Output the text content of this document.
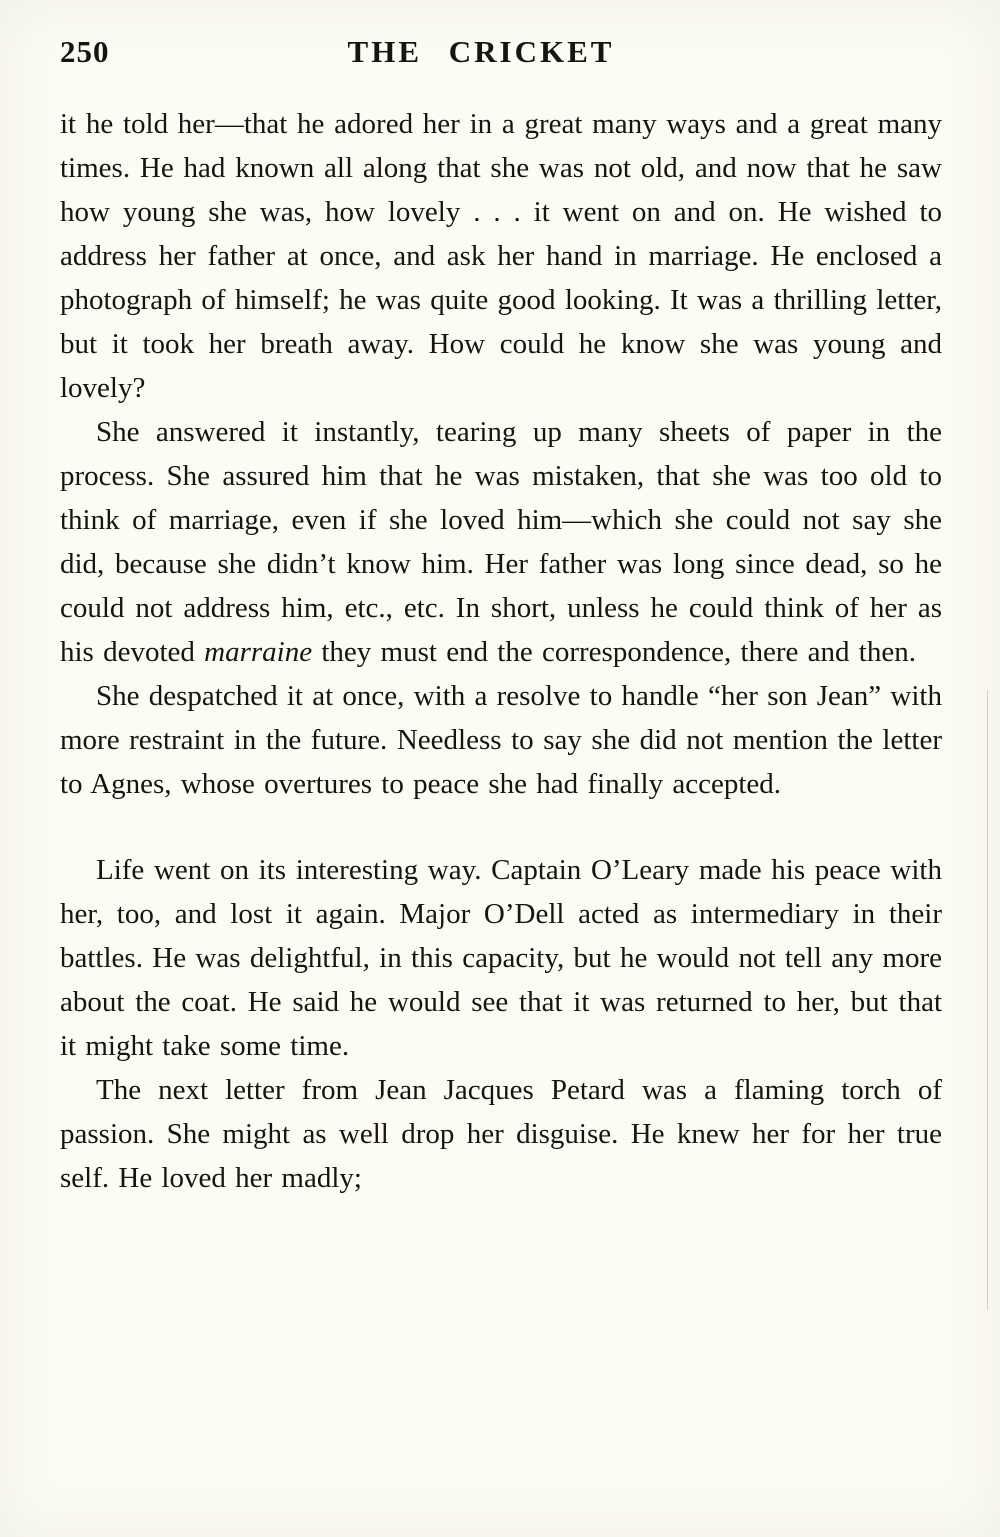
250	THE CRICKET

it he told her—that he adored her in a great many ways and a great many times. He had known all along that she was not old, and now that he saw how young she was, how lovely . . . it went on and on. He wished to address her father at once, and ask her hand in marriage. He enclosed a photograph of himself; he was quite good looking. It was a thrilling letter, but it took her breath away. How could he know she was young and lovely?

She answered it instantly, tearing up many sheets of paper in the process. She assured him that he was mistaken, that she was too old to think of marriage, even if she loved him—which she could not say she did, because she didn’t know him. Her father was long since dead, so he could not address him, etc., etc. In short, unless he could think of her as his devoted marraine they must end the correspondence, there and then.

She despatched it at once, with a resolve to handle “her son Jean” with more restraint in the future. Needless to say she did not mention the letter to Agnes, whose overtures to peace she had finally accepted.

Life went on its interesting way. Captain O’Leary made his peace with her, too, and lost it again. Major O’Dell acted as intermediary in their battles. He was delightful, in this capacity, but he would not tell any more about the coat. He said he would see that it was returned to her, but that it might take some time.

The next letter from Jean Jacques Petard was a flaming torch of passion. She might as well drop her disguise. He knew her for her true self. He loved her madly;
